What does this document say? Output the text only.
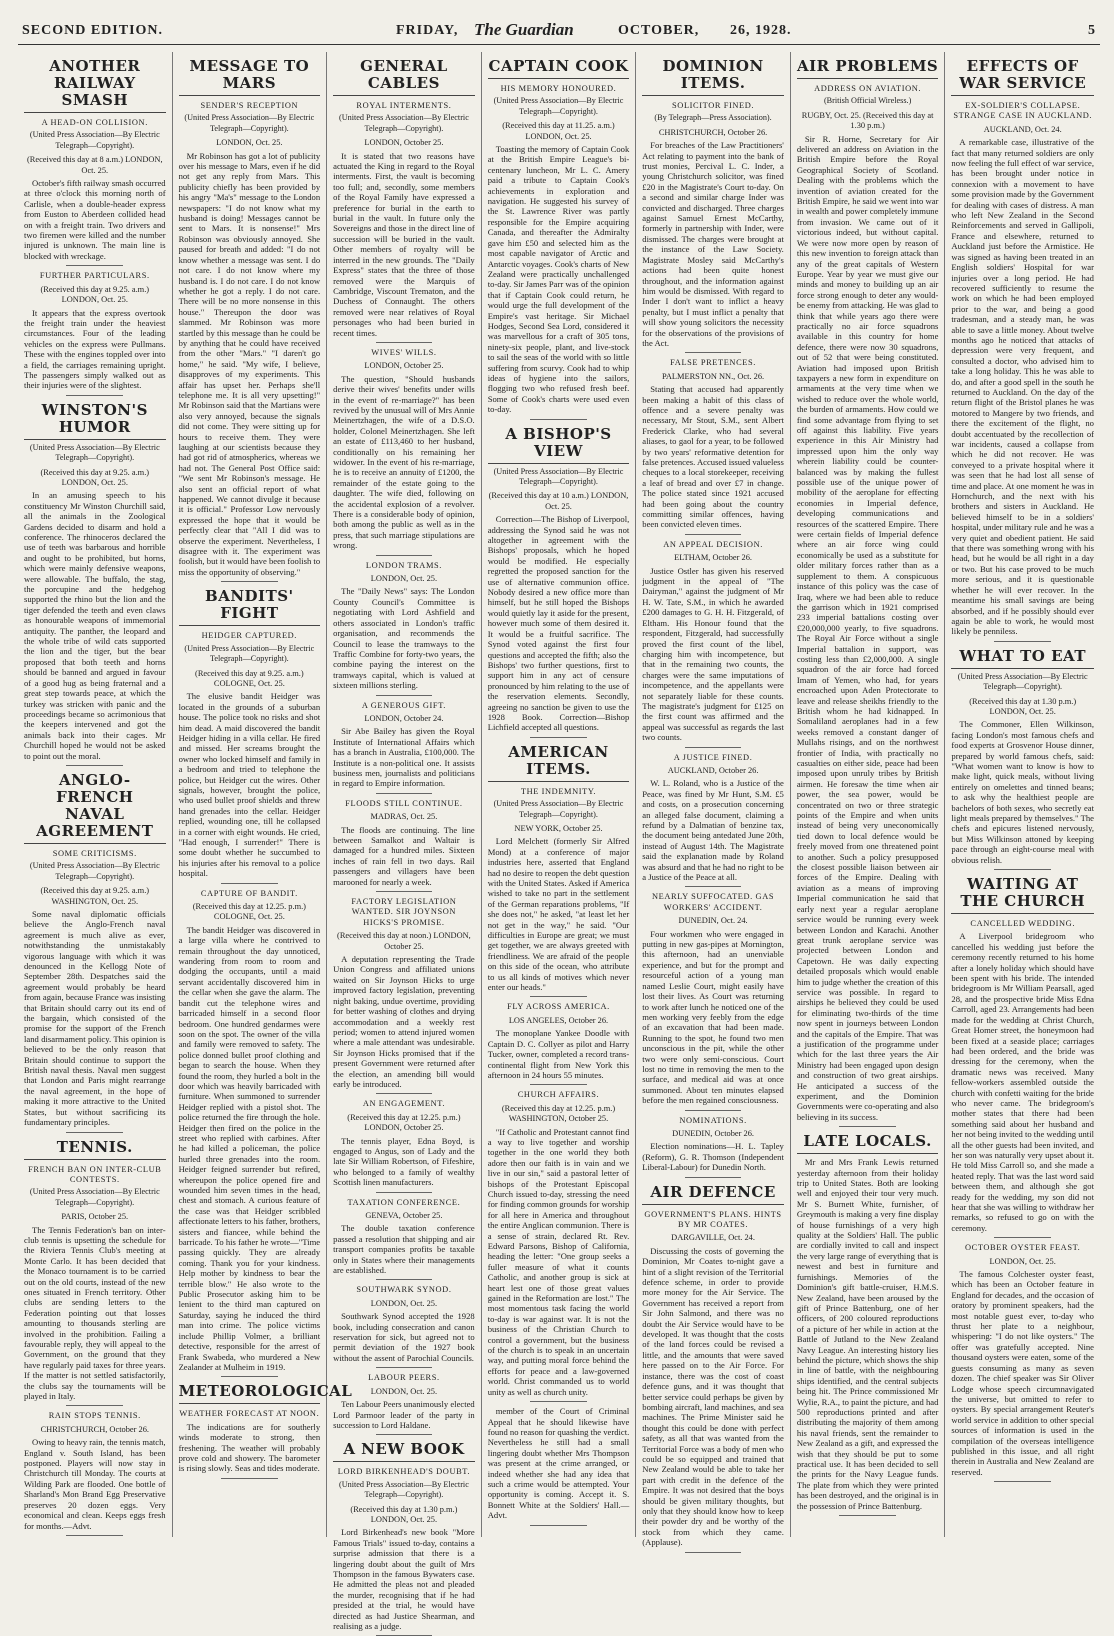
SECOND EDITION.	FRIDAY, The Guardian	OCTOBER, 26, 1928.	5
ANOTHER RAILWAY SMASH
A HEAD-ON COLLISION.
(United Press Association—By Electric Telegraph—Copyright).
(Received this day at 8 a.m.) LONDON, Oct. 25.

October's fifth railway smash occurred at three o'clock this morning north of Carlisle, when a double-header express from Euston to Aberdeen collided head on with a freight train. Two drivers and two firemen were killed and the number injured is unknown. The main line is blocked with wreckage.

FURTHER PARTICULARS.
(Received this day at 9.25. a.m.) LONDON, Oct. 25.

It appears that the express overtook the freight train under the heaviest circumstances. Four of the leading vehicles on the express were Pullmans. These with the engines toppled over into a field, the carriages remaining upright. The passengers simply walked out as their injuries were of the slightest.

WINSTON'S HUMOR
(United Press Association—By Electric Telegraph—Copyright).
(Received this day at 9.25. a.m.) LONDON, Oct. 25.

In an amusing speech to his constituency Mr Winston Churchill said, all the animals in the Zoological Gardens decided to disarm and hold a conference. The rhinoceros declared the use of teeth was barbarous and horrible and ought to be prohibited, but horns, which were mainly defensive weapons, were allowable. The buffalo, the stag, the porcupine and the hedgehog supported the rhino but the lion and the tiger defended the teeth and even claws as honourable weapons of immemorial antiquity. The panther, the leopard and the whole tribe of wild cats supported the lion and the tiger, but the bear proposed that both teeth and horns should be banned and argued in favour of a good hug as being fraternal and a great step towards peace, at which the turkey was stricken with panic and the proceedings became so acrimonious that the keepers intervened and got the animals back into their cages. Mr Churchill hoped he would not be asked to point out the moral.

ANGLO-FRENCH NAVAL AGREEMENT
SOME CRITICISMS.
(United Press Association—By Electric Telegraph—Copyright).
(Received this day at 9.25. a.m.) WASHINGTON, Oct. 25.

Some naval diplomatic officials believe the Anglo-French naval agreement is much alive as ever, notwithstanding the unmistakably vigorous language with which it was denounced in the Kellogg Note of September 28th. Despatches said the agreement would probably be heard from again, because France was insisting that Britain should carry out its end of the bargain, which consisted of the promise for the support of the French land disarmament policy. This opinion is believed to be the only reason that Britain should continue to support the British naval thesis. Naval men suggest that London and Paris might rearrange the naval agreement, in the hope of making it more attractive to the United States, but without sacrificing its fundamentary principles.

TENNIS.
FRENCH BAN ON INTER-CLUB CONTESTS.
(United Press Association—By Electric Telegraph—Copyright).
PARIS, October 25.

The Tennis Federation's ban on inter-club tennis is upsetting the schedule for the Riviera Tennis Club's meeting at Monte Carlo. It has been decided that the Monaco tournament is to be carried out on the old courts, instead of the new ones situated in French territory. Other clubs are sending letters to the Federation pointing out that losses amounting to thousands sterling are involved in the prohibition. Failing a favourable reply, they will appeal to the Government, on the ground that they have regularly paid taxes for three years. If the matter is not settled satisfactorily, the clubs say the tournaments will be played in Italy.

RAIN STOPS TENNIS.
CHRISTCHURCH, October 26.

Owing to heavy rain, the tennis match, England v. South Island, has been postponed. Players will now stay in Christchurch till Monday. The courts at Wilding Park are flooded. One bottle of Sharland's Mon Brand Egg Preservative preserves 20 dozen eggs. Very economical and clean. Keeps eggs fresh for months.—Advt.

MESSAGE TO MARS
SENDER'S RECEPTION
(United Press Association—By Electric Telegraph—Copyright).
LONDON, Oct. 25.

Mr Robinson has got a lot of publicity over his message to Mars, even if he did not get any reply from Mars. This publicity chiefly has been provided by his angry "Ma's" message to the London newspapers: "I do not know what my husband is doing! Messages cannot be sent to Mars. It is nonsense!" Mrs Robinson was obviously annoyed. She paused for breath and added: "I do not know whether a message was sent. I do not care. I do not know where my husband is. I do not care. I do not know whether he got a reply. I do not care. There will be no more nonsense in this house." Thereupon the door was slammed. Mr Robinson was more startled by this message than he could be by anything that he could have received from the other "Mars." "I daren't go home," he said. "My wife, I believe, disapproves of my experiments. This affair has upset her. Perhaps she'll telephone me. It is all very upsetting!" Mr Robinson said that the Martians were also very annoyed, because the signals did not come. They were sitting up for hours to receive them. They were laughing at our scientists because they had got rid of atmospherics, whereas we had not. The General Post Office said: "We sent Mr Robinson's message. He also sent an official report of what happened. We cannot divulge it because it is official." Professor Low nervously expressed the hope that it would be perfectly clear that "All I did was to observe the experiment. Nevertheless, I disagree with it. The experiment was foolish, but it would have been foolish to miss the opportunity of observing."

BANDITS' FIGHT
HEIDGER CAPTURED.
(United Press Association—By Electric Telegraph—Copyright).
(Received this day at 9.25. a.m.) COLOGNE, Oct. 25.

The elusive bandit Heidger was located in the grounds of a suburban house. The police took no risks and shot him dead. A maid discovered the bandit Heidger hiding in a villa cellar. He fired and missed. Her screams brought the owner who locked himself and family in a bedroom and tried to telephone the police, but Heidger cut the wires. Other signals, however, brought the police, who used bullet proof shields and threw hand grenades into the cellar. Heidger replied, wounding one, till he collapsed in a corner with eight wounds. He cried, "Had enough, I surrender!" There is some doubt whether he succumbed to his injuries after his removal to a police hospital.

CAPTURE OF BANDIT.
(Received this day at 12.25. p.m.) COLOGNE, Oct. 25.

The bandit Heidger was discovered in a large villa where he contrived to remain throughout the day unnoticed, wandering from room to room and dodging the occupants, until a maid servant accidentally discovered him in the cellar when she gave the alarm. The bandit cut the telephone wires and barricaded himself in a second floor bedroom. One hundred gendarmes were soon on the spot. The owner of the villa and family were removed to safety. The police donned bullet proof clothing and began to search the house. When they found the room, they hurled a bolt in the door which was heavily barricaded with furniture. When summoned to surrender Heidger replied with a pistol shot. The police returned the fire through the hole. Heidger then fired on the police in the street who replied with carbines. After he had killed a policeman, the police hurled three grenades into the room. Heidger feigned surrender but refired, whereupon the police opened fire and wounded him seven times in the head, chest and stomach. A curious feature of the case was that Heidger scribbled affectionate letters to his father, brothers, sisters and fiancee, while behind the barricade. To his father he wrote—"Time passing quickly. They are already coming. Thank you for your kindness. Help mother by kindness to bear the terrible blow." He also wrote to the Public Prosecutor asking him to be lenient to the third man captured on Saturday, saying he induced the third man into crime. The police victims include Phillip Volmer, a brilliant detective, responsible for the arrest of Frank Swabeda, who murdered a New Zealander at Mulheim in 1919.

METEOROLOGICAL
WEATHER FORECAST AT NOON.

The indications are for southerly winds moderate to strong, then freshening. The weather will probably prove cold and showery. The barometer is rising slowly. Seas and tides moderate.

GENERAL CABLES
ROYAL INTERMENTS.
(United Press Association—By Electric Telegraph—Copyright).
LONDON, October 25.

It is stated that two reasons have actuated the King in regard to the Royal interments. First, the vault is becoming too full; and, secondly, some members of the Royal Family have expressed a preference for burial in the earth to burial in the vault. In future only the Sovereigns and those in the direct line of succession will be buried in the vault. Other members of royalty will be interred in the new grounds. The "Daily Express" states that the three of those removed were the Marquis of Cambridge, Viscount Trematon, and the Duchess of Connaught. The others removed were near relatives of Royal personages who had been buried in recent times.

WIVES' WILLS.
LONDON, October 25.

The question, "Should husbands derive their wives' benefits under wills in the event of re-marriage?" has been revived by the unusual will of Mrs Annie Meinertzhagen, the wife of a D.S.O. holder, Colonel Meinertzhagen. She left an estate of £113,460 to her husband, conditionally on his remaining her widower. In the event of his re-marriage, he is to receive an annuity of £1200, the remainder of the estate going to the daughter. The wife died, following on the accidental explosion of a revolver. There is a considerable body of opinion, both among the public as well as in the press, that such marriage stipulations are wrong.

LONDON TRAMS.
LONDON, Oct. 25.

The "Daily News" says: The London County Council's Committee is negotiating with Lord Ashfield and others associated in London's traffic organisation, and recommends the Council to lease the tramways to the Traffic Combine for forty-two years, the combine paying the interest on the tramways capital, which is valued at sixteen millions sterling.

A GENEROUS GIFT.
LONDON, October 24.

Sir Abe Bailey has given the Royal Institute of International Affairs which has a branch in Australia, £100,000. The Institute is a non-political one. It assists business men, journalists and politicians in regard to Empire information.

FLOODS STILL CONTINUE.
MADRAS, Oct. 25.

The floods are continuing. The line between Samalkot and Waltair is damaged for a hundred miles. Sixteen inches of rain fell in two days. Rail passengers and villagers have been marooned for nearly a week.

FACTORY LEGISLATION WANTED. SIR JOYNSON HICKS'S PROMISE.
(Received this day at noon.) LONDON, October 25.

A deputation representing the Trade Union Congress and affiliated unions waited on Sir Joynson Hicks to urge improved factory legislation, preventing night baking, undue overtime, providing for better washing of clothes and drying accommodation and a weekly rest period; women to attend injured women where a male attendant was undesirable. Sir Joynson Hicks promised that if the present Government were returned after the election, an amending bill would early be introduced.

AN ENGAGEMENT.
(Received this day at 12.25. p.m.) LONDON, October 25.

The tennis player, Edna Boyd, is engaged to Angus, son of Lady and the late Sir William Robertson, of Fifeshire, who belonged to a family of wealthy Scottish linen manufacturers.

TAXATION CONFERENCE.
GENEVA, October 25.

The double taxation conference passed a resolution that shipping and air transport companies profits be taxable only in States where their managements are established.

SOUTHWARK SYNOD.
LONDON, Oct. 25.

Southwark Synod accepted the 1928 book, including consecration and canon reservation for sick, but agreed not to permit deviation of the 1927 book without the assent of Parochial Councils.

LABOUR PEERS.
LONDON, Oct. 25.

Ten Labour Peers unanimously elected Lord Parmoor leader of the party in succession to Lord Haldane.

A NEW BOOK
LORD BIRKENHEAD'S DOUBT.
(United Press Association—By Electric Telegraph—Copyright).
(Received this day at 1.30 p.m.) LONDON, Oct. 25.

Lord Birkenhead's new book "More Famous Trials" issued to-day, contains a surprise admission that there is a lingering doubt about the guilt of Mrs Thompson in the famous Bywaters case. He admitted the pleas not and pleaded the murder, recognising that if he had presided at the trial, he would have directed as had Justice Shearman, and realising as a judge.

CAPTAIN COOK
HIS MEMORY HONOURED.
(United Press Association—By Electric Telegraph—Copyright).
(Received this day at 11.25. a.m.) LONDON, Oct. 25.

Toasting the memory of Captain Cook at the British Empire League's bi-centenary luncheon, Mr L. C. Amery paid a tribute to Captain Cook's achievements in exploration and navigation. He suggested his survey of the St. Lawrence River was partly responsible for the Empire acquiring Canada, and thereafter the Admiralty gave him £50 and selected him as the most capable navigator of Arctic and Antarctic voyages. Cook's charts of New Zealand were practically unchallenged to-day. Sir James Parr was of the opinion that if Captain Cook could return, he would urge the full development of the Empire's vast heritage. Sir Michael Hodges, Second Sea Lord, considered it was marvellous for a craft of 305 tons, ninety-six people, plant, and live-stock to sail the seas of the world with so little suffering from scurvy. Cook had to whip ideas of hygiene into the sailors, flogging two who refused fresh beef. Some of Cook's charts were used even to-day.

A BISHOP'S VIEW
(United Press Association—By Electric Telegraph—Copyright).
(Received this day at 10 a.m.) LONDON, Oct. 25.

Correction—The Bishop of Liverpool, addressing the Synod said he was not altogether in agreement with the Bishops' proposals, which he hoped would be modified. He especially regretted the proposed sanction for the use of alternative communion office. Nobody desired a new office more than himself, but he still hoped the Bishops would quietly lay it aside for the present, however much some of them desired it. It would be a fruitful sacrifice. The Synod voted against the first four questions and accepted the fifth; also the Bishops' two further questions, first to support him in any act of censure pronounced by him relating to the use of the reservation elements. Secondly, agreeing no sanction be given to use the 1928 Book. Correction—Bishop Lichfield accepted all questions.

AMERICAN ITEMS.
THE INDEMNITY.
(United Press Association—By Electric Telegraph—Copyright).
NEW YORK, October 25.

Lord Melchett (formerly Sir Alfred Mond) at a conference of major industries here, asserted that England had no desire to reopen the debt question with the United States. Asked if America wished to take no part in the settlement of the German reparations problems, "If she does not," he asked, "at least let her not get in the way," he said. "Our difficulties in Europe are great; we must get together, we are always greeted with friendliness. We are afraid of the people on this side of the ocean, who attribute to us all kinds of motives which never enter our heads."

FLY ACROSS AMERICA.
LOS ANGELES, October 26.

The monoplane Yankee Doodle with Captain D. C. Collyer as pilot and Harry Tucker, owner, completed a record trans-continental flight from New York this afternoon in 24 hours 55 minutes.

CHURCH AFFAIRS.
(Received this day at 12.25. p.m.) WASHINGTON, October 25.

"If Catholic and Protestant cannot find a way to live together and worship together in the one world they both adore then our faith is in vain and we live in our sin," said a pastoral letter of bishops of the Protestant Episcopal Church issued to-day, stressing the need for finding common grounds for worship for all here in America and throughout the entire Anglican communion. There is a sense of strain, declared Rt. Rev. Edward Parsons, Bishop of California, heading the letter: "One group seeks a fuller measure of what it counts Catholic, and another group is sick at heart lest one of those great values gained in the Reformation are lost." The most momentous task facing the world to-day is war against war. It is not the business of the Christian Church to control a government, but the business of the church is to speak in an uncertain way, and putting moral force behind the efforts for peace and a law-governed world. Christ commanded us to world unity as well as church unity.

member of the Court of Criminal Appeal that he should likewise have found no reason for quashing the verdict. Nevertheless he still had a small lingering doubt whether Mrs Thompson was present at the crime arranged, or indeed whether she had any idea that such a crime would be attempted. Your opportunity is coming. Accept it. S. Bonnett White at the Soldiers' Hall.—Advt.

DOMINION ITEMS.
SOLICITOR FINED.
(By Telegraph—Press Association).
CHRISTCHURCH, October 26.

For breaches of the Law Practitioners' Act relating to payment into the bank of trust monies, Percival L. C. Inder, a young Christchurch solicitor, was fined £20 in the Magistrate's Court to-day. On a second and similar charge Inder was convicted and discharged. Three charges against Samuel Ernest McCarthy, formerly in partnership with Inder, were dismissed. The charges were brought at the instance of the Law Society. Magistrate Mosley said McCarthy's actions had been quite honest throughout, and the information against him would be dismissed. With regard to Inder I don't want to inflict a heavy penalty, but I must inflict a penalty that will show young solicitors the necessity for the observations of the provisions of the Act.

FALSE PRETENCES.
PALMERSTON NN., Oct. 26.

Stating that accused had apparently been making a habit of this class of offence and a severe penalty was necessary, Mr Stout, S.M., sent Albert Frederick Clarke, who had several aliases, to gaol for a year, to be followed by two years' reformative detention for false pretences. Accused issued valueless cheques to a local storekeeper, receiving a leaf of bread and over £7 in change. The police stated since 1921 accused had been going about the country committing similar offences, having been convicted eleven times.

AN APPEAL DECISION.
ELTHAM, October 26.

Justice Ostler has given his reserved judgment in the appeal of "The Dairyman," against the judgment of Mr H. W. Tate, S.M., in which he awarded £200 damages to G. H. H. Fitzgerald, of Eltham. His Honour found that the respondent, Fitzgerald, had successfully proved the first count of the libel, charging him with incompetence, but that in the remaining two counts, the charges were the same imputations of incompetence, and the appellants were not separately liable for these counts. The magistrate's judgment for £125 on the first count was affirmed and the appeal was successful as regards the last two counts.

A JUSTICE FINED.
AUCKLAND, October 26.

W. L. Roland, who is a Justice of the Peace, was fined by Mr Hunt, S.M. £5 and costs, on a prosecution concerning an alleged false document, claiming a refund by a Dalmatian of benzine tax, the document being antedated June 20th, instead of August 14th. The Magistrate said the explanation made by Roland was absurd and that he had no right to be a Justice of the Peace at all.

NEARLY SUFFOCATED. GAS WORKERS' ACCIDENT.
DUNEDIN, Oct. 24.

Four workmen who were engaged in putting in new gas-pipes at Mornington, this afternoon, had an unenviable experience, and but for the prompt and resourceful action of a young man named Leslie Court, might easily have lost their lives. As Court was returning to work after lunch he noticed one of the men working very feebly from the edge of an excavation that had been made. Running to the spot, he found two men unconscious in the pit, while the other two were only semi-conscious. Court lost no time in removing the men to the surface, and medical aid was at once summoned. About ten minutes elapsed before the men regained consciousness.

NOMINATIONS.
DUNEDIN, October 26.

Election nominations—H. L. Tapley (Reform), G. R. Thomson (Independent Liberal-Labour) for Dunedin North.

AIR DEFENCE
GOVERNMENT'S PLANS. HINTS BY MR COATES.
DARGAVILLE, Oct. 24.

Discussing the costs of governing the Dominion, Mr Coates to-night gave a hint of a slight revision of the Territorial defence scheme, in order to provide more money for the Air Service. The Government has received a report from Sir John Salmond, and there was no doubt the Air Service would have to be developed. It was thought that the costs of the land forces could be revised a little, and the amounts that were saved here passed on to the Air Force. For instance, there was the cost of coast defence guns, and it was thought that better service could perhaps be given by bombing aircraft, land machines, and sea machines. The Prime Minister said he thought this could be done with perfect safety, as all that was wanted from the Territorial Force was a body of men who could be so equipped and trained that New Zealand would be able to take her part with credit in the defence of the Empire. It was not desired that the boys should be given military thoughts, but only that they should know how to keep their powder dry and be worthy of the stock from which they came. (Applause).

AIR PROBLEMS
ADDRESS ON AVIATION.
(British Official Wireless.)
RUGBY, Oct. 25. (Received this day at 1.30 p.m.)

Sir R. Horne, Secretary for Air delivered an address on Aviation in the British Empire before the Royal Geographical Society of Scotland. Dealing with the problems which the invention of aviation created for the British Empire, he said we went into war in wealth and power completely immune from invasion. We came out of it victorious indeed, but without capital. We were now more open by reason of this new invention to foreign attack than any of the great capitals of Western Europe. Year by year we must give our minds and money to building up an air force strong enough to deter any would-be enemy from attacking. He was glad to think that while years ago there were practically no air force squadrons available in this country for home defence, there were now 30 squadrons, out of 52 that were being constituted. Aviation had imposed upon British taxpayers a new form in expenditure on armaments at the very time when we wished to reduce over the whole world, the burden of armaments. How could we find some advantage from flying to set off against this liability. Five years experience in this Air Ministry had impressed upon him the only way wherein liability could be counter-balanced was by making the fullest possible use of the unique power of mobility of the aeroplane for effecting economies in Imperial defence, developing communications and resources of the scattered Empire. There were certain fields of Imperial defence where an air force wing could economically be used as a substitute for older military forces rather than as a supplement to them. A conspicuous instance of this policy was the case of Iraq, where we had been able to reduce the garrison which in 1921 comprised 233 imperial battalions costing over £20,000,000 yearly, to five squadrons. The Royal Air Force without a single Imperial battalion in support, was costing less than £2,000,000. A single squadron of the air force had forced Imam of Yemen, who had, for years encroached upon Aden Protectorate to leave and release sheikhs friendly to the British whom he had kidnapped. In Somaliland aeroplanes had in a few weeks removed a constant danger of Mullahs risings, and on the northwest frontier of India, with practically no casualties on either side, peace had been imposed upon unruly tribes by British airmen. He foresaw the time when air power, the sea power, would be concentrated on two or three strategic points of the Empire and when units instead of being very uneconomically tied down to local defence would be freely moved from one threatened point to another. Such a policy presupposed the closest possible liaison between air forces of the Empire. Dealing with aviation as a means of improving Imperial communication he said that early next year a regular aeroplane service would be running every week between London and Karachi. Another great trunk aeroplane service was projected between London and Capetown. He was daily expecting detailed proposals which would enable him to judge whether the creation of this service was possible. In regard to airships he believed they could be used for eliminating two-thirds of the time now spent in journeys between London and the capitals of the Empire. That was a justification of the programme under which for the last three years the Air Ministry had been engaged upon design and construction of two great airships. He anticipated a success of the experiment, and the Dominion Governments were co-operating and also believing in its success.

LATE LOCALS.

Mr and Mrs Frank Lewis returned yesterday afternoon from their holiday trip to United States. Both are looking well and enjoyed their tour very much. Mr S. Burnett White, furnisher, of Greymouth is making a very fine display of house furnishings of a very high quality at the Soldiers' Hall. The public are cordially invited to call and inspect the very large range of everything that is newest and best in furniture and furnishings. Memories of the Dominion's gift battle-cruiser, H.M.S. New Zealand, have been aroused by the gift of Prince Battenburg, one of her officers, of 200 coloured reproductions of a picture of her while in action at the Battle of Jutland to the New Zealand Navy League. An interesting history lies behind the picture, which shows the ship in line of battle, with the neighbouring ships identified, and the central subjects being hit. The Prince commissioned Mr Wylie, R.A., to paint the picture, and had 500 reproductions printed and after distributing the majority of them among his naval friends, sent the remainder to New Zealand as a gift, and expressed the wish that they should be put to some practical use. It has been decided to sell the prints for the Navy League funds. The plate from which they were printed has been destroyed, and the original is in the possession of Prince Battenburg.

EFFECTS OF WAR SERVICE
EX-SOLDIER'S COLLAPSE. STRANGE CASE IN AUCKLAND.
AUCKLAND, Oct. 24.

A remarkable case, illustrative of the fact that many returned soldiers are only now feeling the full effect of war service, has been brought under notice in connexion with a movement to have some provision made by the Government for dealing with cases of distress. A man who left New Zealand in the Second Reinforcements and served in Gallipoli, France and elsewhere, returned to Auckland just before the Armistice. He was signed as having been treated in an English soldiers' Hospital for war injuries over a long period. He had recovered sufficiently to resume the work on which he had been employed prior to the war, and being a good tradesman, and a steady man, he was able to save a little money. About twelve months ago he noticed that attacks of depression were very frequent, and consulted a doctor, who advised him to take a long holiday. This he was able to do, and after a good spell in the south he returned to Auckland. On the day of the return flight of the Bristol planes he was motored to Mangere by two friends, and there the excitement of the flight, no doubt accentuated by the recollection of war incidents, caused a collapse from which he did not recover. He was conveyed to a private hospital where it was seen that he had lost all sense of time and place. At one moment he was in Hornchurch, and the next with his brothers and sisters in Auckland. He believed himself to be in a soldiers' hospital, under military rule and he was a very quiet and obedient patient. He said that there was something wrong with his head, but he would be all right in a day or two. But his case proved to be much more serious, and it is questionable whether he will ever recover. In the meantime his small savings are being absorbed, and if he possibly should ever again be able to work, he would most likely be penniless.

WHAT TO EAT
(United Press Association—By Electric Telegraph—Copyright).
(Received this day at 1.30 p.m.) LONDON, Oct. 25.

The Commoner, Ellen Wilkinson, facing London's most famous chefs and food experts at Grosvenor House dinner, prepared by world famous chefs, said: "What women want to know is how to make light, quick meals, without living entirely on omelettes and tinned beans; to ask why the healthiest people are bachelors of both sexes, who secretly eat light meals prepared by themselves." The chefs and epicures listened nervously, but Miss Wilkinson attoned by keeping pace through an eight-course meal with obvious relish.

WAITING AT THE CHURCH
CANCELLED WEDDING.

A Liverpool bridegroom who cancelled his wedding just before the ceremony recently returned to his home after a lonely holiday which should have been spent with his bride. The intended bridegroom is Mr William Pearsall, aged 28, and the prospective bride Miss Edna Carroll, aged 23. Arrangements had been made for the wedding at Christ Church, Great Homer street, the honeymoon had been fixed at a seaside place; carriages had been ordered, and the bride was dressing for the ceremony, when the dramatic news was received. Many fellow-workers assembled outside the church with confetti waiting for the bride who never came. The bridegroom's mother states that there had been something said about her husband and her not being invited to the wedding until all the other guests had been invited, and her son was naturally very upset about it. He told Miss Carroll so, and she made a heated reply. That was the last word said between them, and although she got ready for the wedding, my son did not hear that she was willing to withdraw her remarks, so refused to go on with the ceremony.

OCTOBER OYSTER FEAST.
LONDON, Oct. 25.

The famous Colchester oyster feast, which has been an October feature in England for decades, and the occasion of oratory by prominent speakers, had the most notable guest ever, to-day who thrust her plate to a neighbour, whispering: "I do not like oysters." The offer was gratefully accepted. Nine thousand oysters were eaten, some of the guests consuming as many as seven dozen. The chief speaker was Sir Oliver Lodge whose speech circumnavigated the universe, but omitted to refer to oysters. By special arrangement Reuter's world service in addition to other special sources of information is used in the compilation of the overseas intelligence published in this issue, and all right therein in Australia and New Zealand are reserved.
